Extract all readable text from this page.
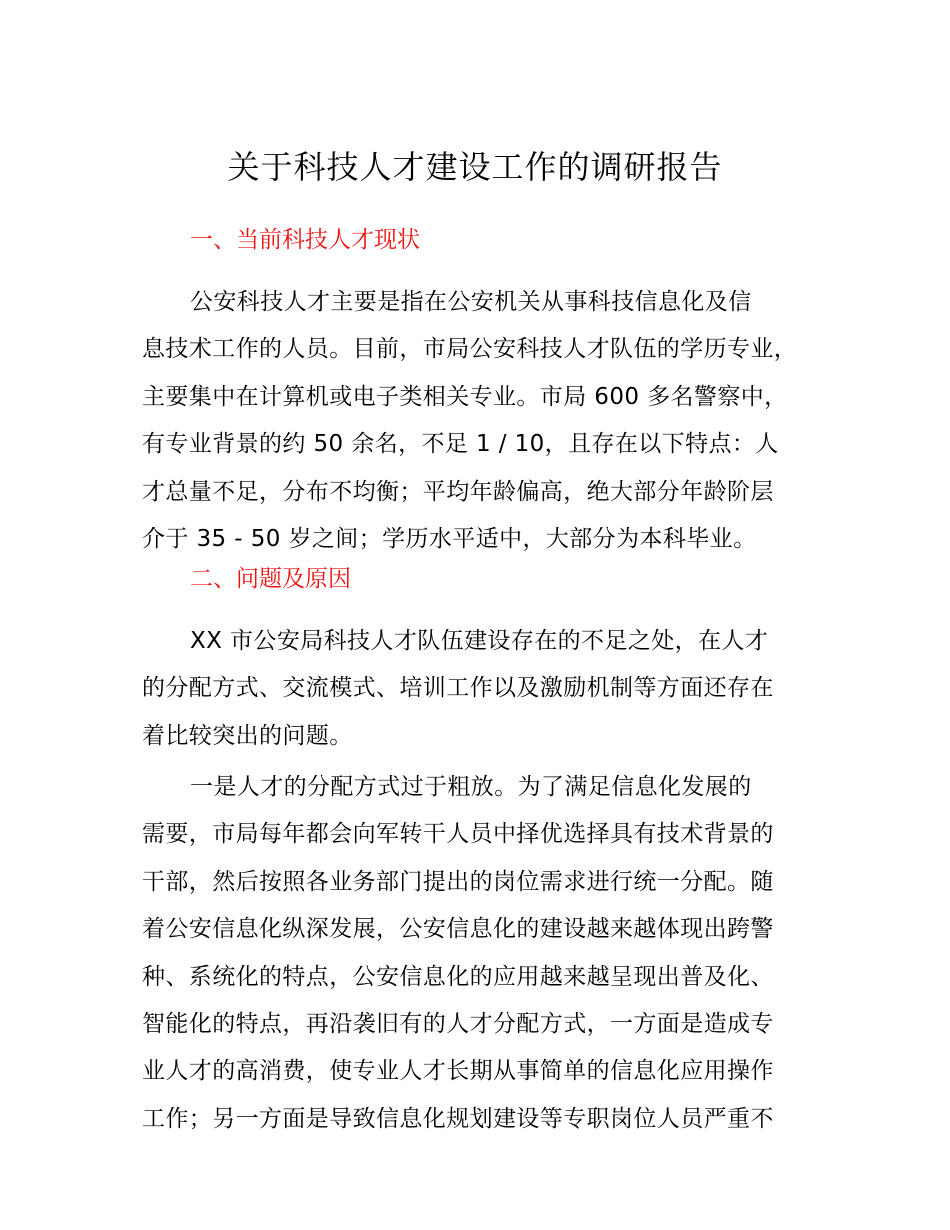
关于科技人才建设工作的调研报告
一、当前科技人才现状
公安科技人才主要是指在公安机关从事科技信息化及信
息技术工作的人员。目前，市局公安科技人才队伍的学历专业，
主要集中在计算机或电子类相关专业。市局 600 多名警察中，
有专业背景的约 50 余名，不足 1 / 10，且存在以下特点：人
才总量不足，分布不均衡；平均年龄偏高，绝大部分年龄阶层
介于 35 - 50 岁之间；学历水平适中，大部分为本科毕业。
二、问题及原因
XX 市公安局科技人才队伍建设存在的不足之处，在人才
的分配方式、交流模式、培训工作以及激励机制等方面还存在
着比较突出的问题。
一是人才的分配方式过于粗放。为了满足信息化发展的
需要，市局每年都会向军转干人员中择优选择具有技术背景的
干部，然后按照各业务部门提出的岗位需求进行统一分配。随
着公安信息化纵深发展，公安信息化的建设越来越体现出跨警
种、系统化的特点，公安信息化的应用越来越呈现出普及化、
智能化的特点，再沿袭旧有的人才分配方式，一方面是造成专
业人才的高消费，使专业人才长期从事简单的信息化应用操作
工作；另一方面是导致信息化规划建设等专职岗位人员严重不
